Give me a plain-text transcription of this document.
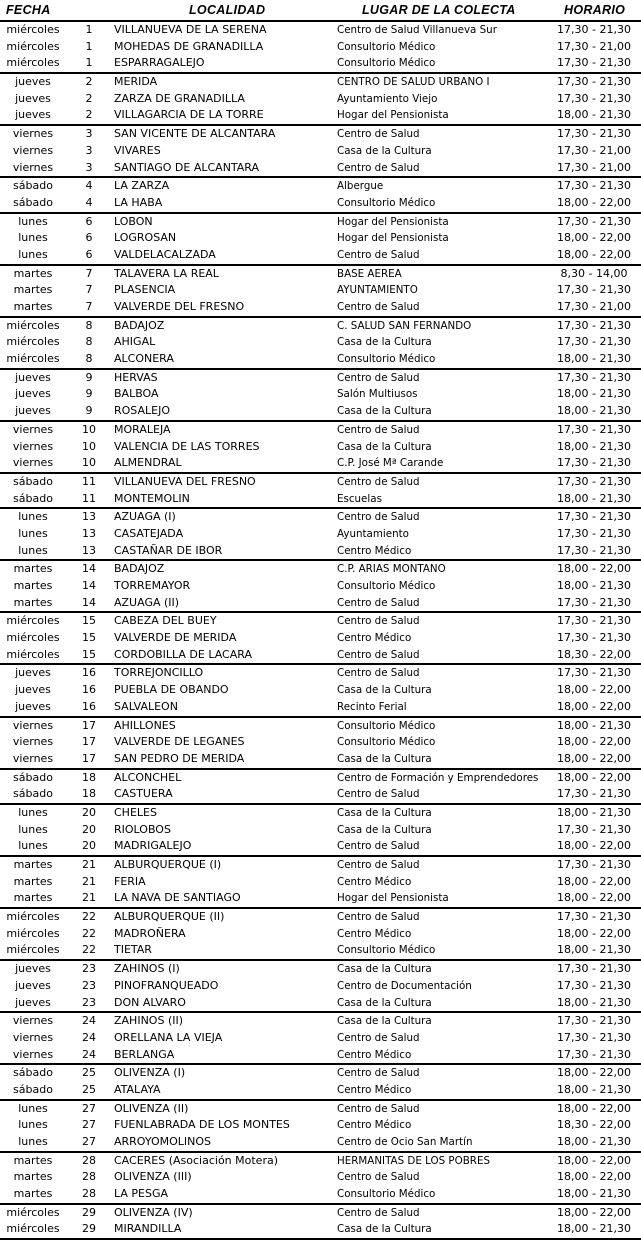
FECHA	LOCALIDAD	LUGAR DE LA COLECTA	HORARIO
miércoles	1	VILLANUEVA DE LA SERENA	Centro de Salud Villanueva Sur	17,30 - 21,30
miércoles	1	MOHEDAS DE GRANADILLA	Consultorio Médico	17,30 - 21,00
miércoles	1	ESPARRAGALEJO	Consultorio Médico	17,30 - 21,30
jueves	2	MERIDA	CENTRO DE SALUD URBANO I	17,30 - 21,30
jueves	2	ZARZA DE GRANADILLA	Ayuntamiento Viejo	17,30 - 21,30
jueves	2	VILLAGARCIA DE LA TORRE	Hogar del Pensionista	18,00 - 21,30
viernes	3	SAN VICENTE DE ALCANTARA	Centro de Salud	17,30 - 21,30
viernes	3	VIVARES	Casa de la Cultura	17,30 - 21,00
viernes	3	SANTIAGO DE ALCANTARA	Centro de Salud	17,30 - 21,00
sábado	4	LA ZARZA	Albergue	17,30 - 21,30
sábado	4	LA HABA	Consultorio Médico	18,00 - 22,00
lunes	6	LOBON	Hogar del Pensionista	17,30 - 21,30
lunes	6	LOGROSAN	Hogar del Pensionista	18,00 - 22,00
lunes	6	VALDELACALZADA	Centro de Salud	18,00 - 22,00
martes	7	TALAVERA LA REAL	BASE AEREA	8,30 - 14,00
martes	7	PLASENCIA	AYUNTAMIENTO	17,30 - 21,30
martes	7	VALVERDE DEL FRESNO	Centro de Salud	17,30 - 21,00
miércoles	8	BADAJOZ	C. SALUD SAN FERNANDO	17,30 - 21,30
miércoles	8	AHIGAL	Casa de la Cultura	17,30 - 21,30
miércoles	8	ALCONERA	Consultorio Médico	18,00 - 21,30
jueves	9	HERVAS	Centro de Salud	17,30 - 21,30
jueves	9	BALBOA	Salón Multiusos	18,00 - 21,30
jueves	9	ROSALEJO	Casa de la Cultura	18,00 - 21,30
viernes	10	MORALEJA	Centro de Salud	17,30 - 21,30
viernes	10	VALENCIA DE LAS TORRES	Casa de la Cultura	18,00 - 21,30
viernes	10	ALMENDRAL	C.P. José Mª Carande	17,30 - 21,30
sábado	11	VILLANUEVA DEL FRESNO	Centro de Salud	17,30 - 21,30
sábado	11	MONTEMOLIN	Escuelas	18,00 - 21,30
lunes	13	AZUAGA (I)	Centro de Salud	17,30 - 21,30
lunes	13	CASATEJADA	Ayuntamiento	17,30 - 21,30
lunes	13	CASTAÑAR DE IBOR	Centro Médico	17,30 - 21,30
martes	14	BADAJOZ	C.P. ARIAS MONTANO	18,00 - 22,00
martes	14	TORREMAYOR	Consultorio Médico	18,00 - 21,30
martes	14	AZUAGA (II)	Centro de Salud	17,30 - 21,30
miércoles	15	CABEZA DEL BUEY	Centro de Salud	17,30 - 21,30
miércoles	15	VALVERDE DE MERIDA	Centro Médico	17,30 - 21,30
miércoles	15	CORDOBILLA DE LACARA	Centro de Salud	18,30 - 22,00
jueves	16	TORREJONCILLO	Centro de Salud	17,30 - 21,30
jueves	16	PUEBLA DE OBANDO	Casa de la Cultura	18,00 - 22,00
jueves	16	SALVALEON	Recinto Ferial	18,00 - 22,00
viernes	17	AHILLONES	Consultorio Médico	18,00 - 21,30
viernes	17	VALVERDE DE LEGANES	Consultorio Médico	18,00 - 22,00
viernes	17	SAN PEDRO DE MERIDA	Casa de la Cultura	18,00 - 22,00
sábado	18	ALCONCHEL	Centro de Formación y Emprendedores	18,00 - 22,00
sábado	18	CASTUERA	Centro de Salud	17,30 - 21,30
lunes	20	CHELES	Casa de la Cultura	18,00 - 21,30
lunes	20	RIOLOBOS	Casa de la Cultura	17,30 - 21,30
lunes	20	MADRIGALEJO	Centro de Salud	18,00 - 22,00
martes	21	ALBURQUERQUE (I)	Centro de Salud	17,30 - 21,30
martes	21	FERIA	Centro Médico	18,00 - 22,00
martes	21	LA NAVA DE SANTIAGO	Hogar del Pensionista	18,00 - 22,00
miércoles	22	ALBURQUERQUE (II)	Centro de Salud	17,30 - 21,30
miércoles	22	MADROÑERA	Centro Médico	18,00 - 22,00
miércoles	22	TIETAR	Consultorio Médico	18,00 - 21,30
jueves	23	ZAHINOS (I)	Casa de la Cultura	17,30 - 21,30
jueves	23	PINOFRANQUEADO	Centro de Documentación	17,30 - 21,30
jueves	23	DON ALVARO	Casa de la Cultura	18,00 - 21,30
viernes	24	ZAHINOS (II)	Casa de la Cultura	17,30 - 21,30
viernes	24	ORELLANA LA VIEJA	Centro de Salud	17,30 - 21,30
viernes	24	BERLANGA	Centro Médico	17,30 - 21,30
sábado	25	OLIVENZA (I)	Centro de Salud	18,00 - 22,00
sábado	25	ATALAYA	Centro Médico	18,00 - 21,30
lunes	27	OLIVENZA (II)	Centro de Salud	18,00 - 22,00
lunes	27	FUENLABRADA DE LOS MONTES	Centro Médico	18,30 - 22,00
lunes	27	ARROYOMOLINOS	Centro de Ocio San Martín	18,00 - 21,30
martes	28	CACERES (Asociación Motera)	HERMANITAS DE LOS POBRES	18,00 - 22,00
martes	28	OLIVENZA (III)	Centro de Salud	18,00 - 22,00
martes	28	LA PESGA	Consultorio Médico	18,00 - 21,30
miércoles	29	OLIVENZA (IV)	Centro de Salud	18,00 - 22,00
miércoles	29	MIRANDILLA	Casa de la Cultura	18,00 - 21,30
